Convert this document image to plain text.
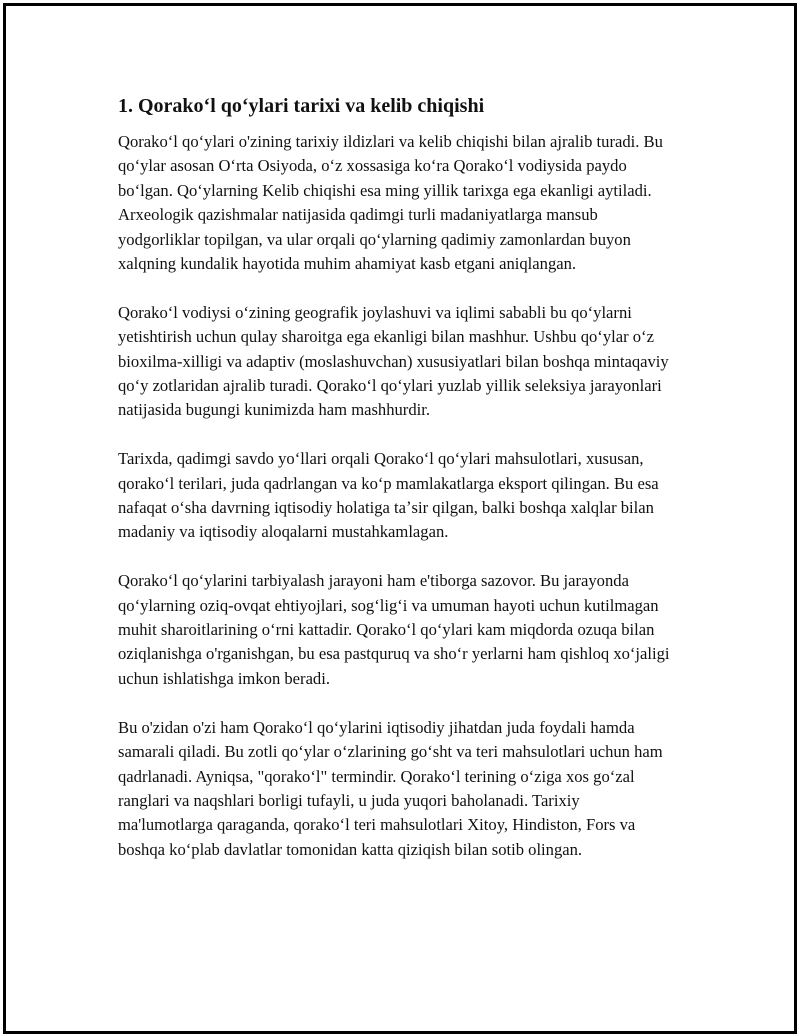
1. Qorakoʻl qoʻylari tarixi va kelib chiqishi

Qorakoʻl qoʻylari o'zining tarixiy ildizlari va kelib chiqishi bilan ajralib turadi. Bu qoʻylar asosan Oʻrta Osiyoda, oʻz xossasiga koʻra Qorakoʻl vodiysida paydo boʻlgan. Qoʻylarning Kelib chiqishi esa ming yillik tarixga ega ekanligi aytiladi. Arxeologik qazishmalar natijasida qadimgi turli madaniyatlarga mansub yodgorliklar topilgan, va ular orqali qoʻylarning qadimiy zamonlardan buyon xalqning kundalik hayotida muhim ahamiyat kasb etgani aniqlangan.

Qorakoʻl vodiysi oʻzining geografik joylashuvi va iqlimi sababli bu qoʻylarni yetishtirish uchun qulay sharoitga ega ekanligi bilan mashhur. Ushbu qoʻylar oʻz bioxilma-xilligi va adaptiv (moslashuvchan) xususiyatlari bilan boshqa mintaqaviy qoʻy zotlaridan ajralib turadi. Qorakoʻl qoʻylari yuzlab yillik seleksiya jarayonlari natijasida bugungi kunimizda ham mashhurdir.

Tarixda, qadimgi savdo yoʻllari orqali Qorakoʻl qoʻylari mahsulotlari, xususan, qorakoʻl terilari, juda qadrlangan va koʻp mamlakatlarga eksport qilingan. Bu esa nafaqat oʻsha davrning iqtisodiy holatiga taʼsir qilgan, balki boshqa xalqlar bilan madaniy va iqtisodiy aloqalarni mustahkamlagan.

Qorakoʻl qoʻylarini tarbiyalash jarayoni ham e'tiborga sazovor. Bu jarayonda qoʻylarning oziq-ovqat ehtiyojlari, sogʻligʻi va umuman hayoti uchun kutilmagan muhit sharoitlarining oʻrni kattadir. Qorakoʻl qoʻylari kam miqdorda ozuqa bilan oziqlanishga o'rganishgan, bu esa pastquruq va shoʻr yerlarni ham qishloq xoʻjaligi uchun ishlatishga imkon beradi.

Bu o'zidan o'zi ham Qorakoʻl qoʻylarini iqtisodiy jihatdan juda foydali hamda samarali qiladi. Bu zotli qoʻylar oʻzlarining goʻsht va teri mahsulotlari uchun ham qadrlanadi. Ayniqsa, "qorakoʻl" termindir. Qorakoʻl terining oʻziga xos goʻzal ranglari va naqshlari borligi tufayli, u juda yuqori baholanadi. Tarixiy ma'lumotlarga qaraganda, qorakoʻl teri mahsulotlari Xitoy, Hindiston, Fors va boshqa koʻplab davlatlar tomonidan katta qiziqish bilan sotib olingan.
